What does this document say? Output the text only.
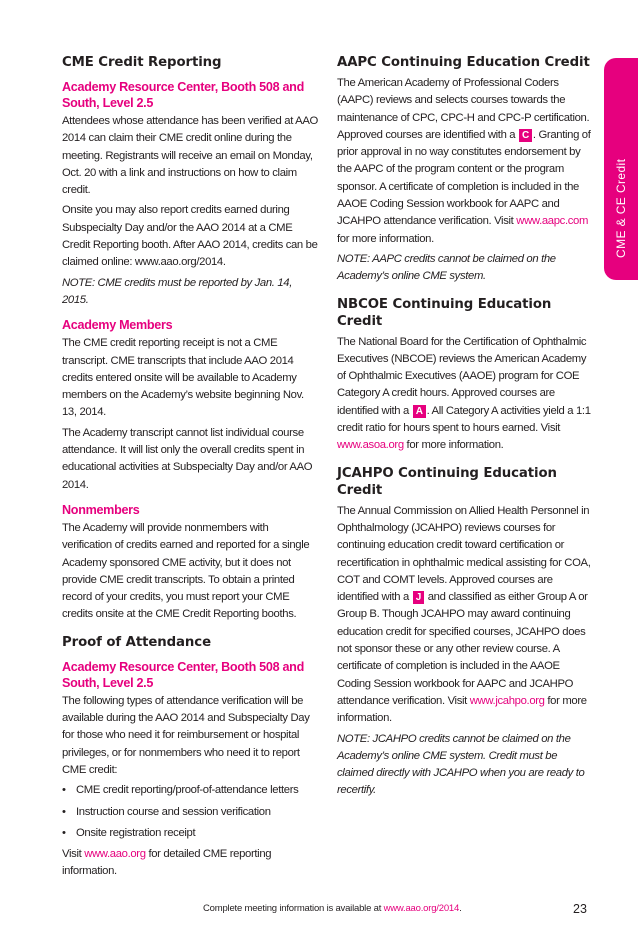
CME & CE Credit
CME Credit Reporting
Academy Resource Center, Booth 508 and South, Level 2.5

Attendees whose attendance has been verified at AAO 2014 can claim their CME credit online during the meeting. Registrants will receive an email on Monday, Oct. 20 with a link and instructions on how to claim credit.

Onsite you may also report credits earned during Subspecialty Day and/or the AAO 2014 at a CME Credit Reporting booth. After AAO 2014, credits can be claimed online: www.aao.org/2014.

NOTE: CME credits must be reported by Jan. 14, 2015.

Academy Members

The CME credit reporting receipt is not a CME transcript. CME transcripts that include AAO 2014 credits entered onsite will be available to Academy members on the Academy’s website beginning Nov. 13, 2014.

The Academy transcript cannot list individual course attendance. It will list only the overall credits spent in educational activities at Subspecialty Day and/or AAO 2014.

Nonmembers

The Academy will provide nonmembers with verification of credits earned and reported for a single Academy sponsored CME activity, but it does not provide CME credit transcripts. To obtain a printed record of your credits, you must report your CME credits onsite at the CME Credit Reporting booths.

Proof of Attendance
Academy Resource Center, Booth 508 and South, Level 2.5

The following types of attendance verification will be available during the AAO 2014 and Subspecialty Day for those who need it for reimbursement or hospital privileges, or for nonmembers who need it to report CME credit:

• CME credit reporting/proof-of-attendance letters
• Instruction course and session verification
• Onsite registration receipt

Visit www.aao.org for detailed CME reporting information.

AAPC Continuing Education Credit

The American Academy of Professional Coders (AAPC) reviews and selects courses towards the maintenance of CPC, CPC-H and CPC-P certification. Approved courses are identified with a C . Granting of prior approval in no way constitutes endorsement by the AAPC of the program content or the program sponsor. A certificate of completion is included in the AAOE Coding Session workbook for AAPC and JCAHPO attendance verification. Visit www.aapc.com for more information.

NOTE: AAPC credits cannot be claimed on the Academy’s online CME system.

NBCOE Continuing Education Credit

The National Board for the Certification of Ophthalmic Executives (NBCOE) reviews the American Academy of Ophthalmic Executives (AAOE) program for COE Category A credit hours. Approved courses are identified with a A . All Category A activities yield a 1:1 credit ratio for hours spent to hours earned. Visit www.asoa.org for more information.

JCAHPO Continuing Education Credit

The Annual Commission on Allied Health Personnel in Ophthalmology (JCAHPO) reviews courses for continuing education credit toward certification or recertification in ophthalmic medical assisting for COA, COT and COMT levels. Approved courses are identified with a J and classified as either Group A or Group B. Though JCAHPO may award continuing education credit for specified courses, JCAHPO does not sponsor these or any other review course. A certificate of completion is included in the AAOE Coding Session workbook for AAPC and JCAHPO attendance verification. Visit www.jcahpo.org for more information.

NOTE: JCAHPO credits cannot be claimed on the Academy’s online CME system. Credit must be claimed directly with JCAHPO when you are ready to recertify.

Complete meeting information is available at www.aao.org/2014.	23
